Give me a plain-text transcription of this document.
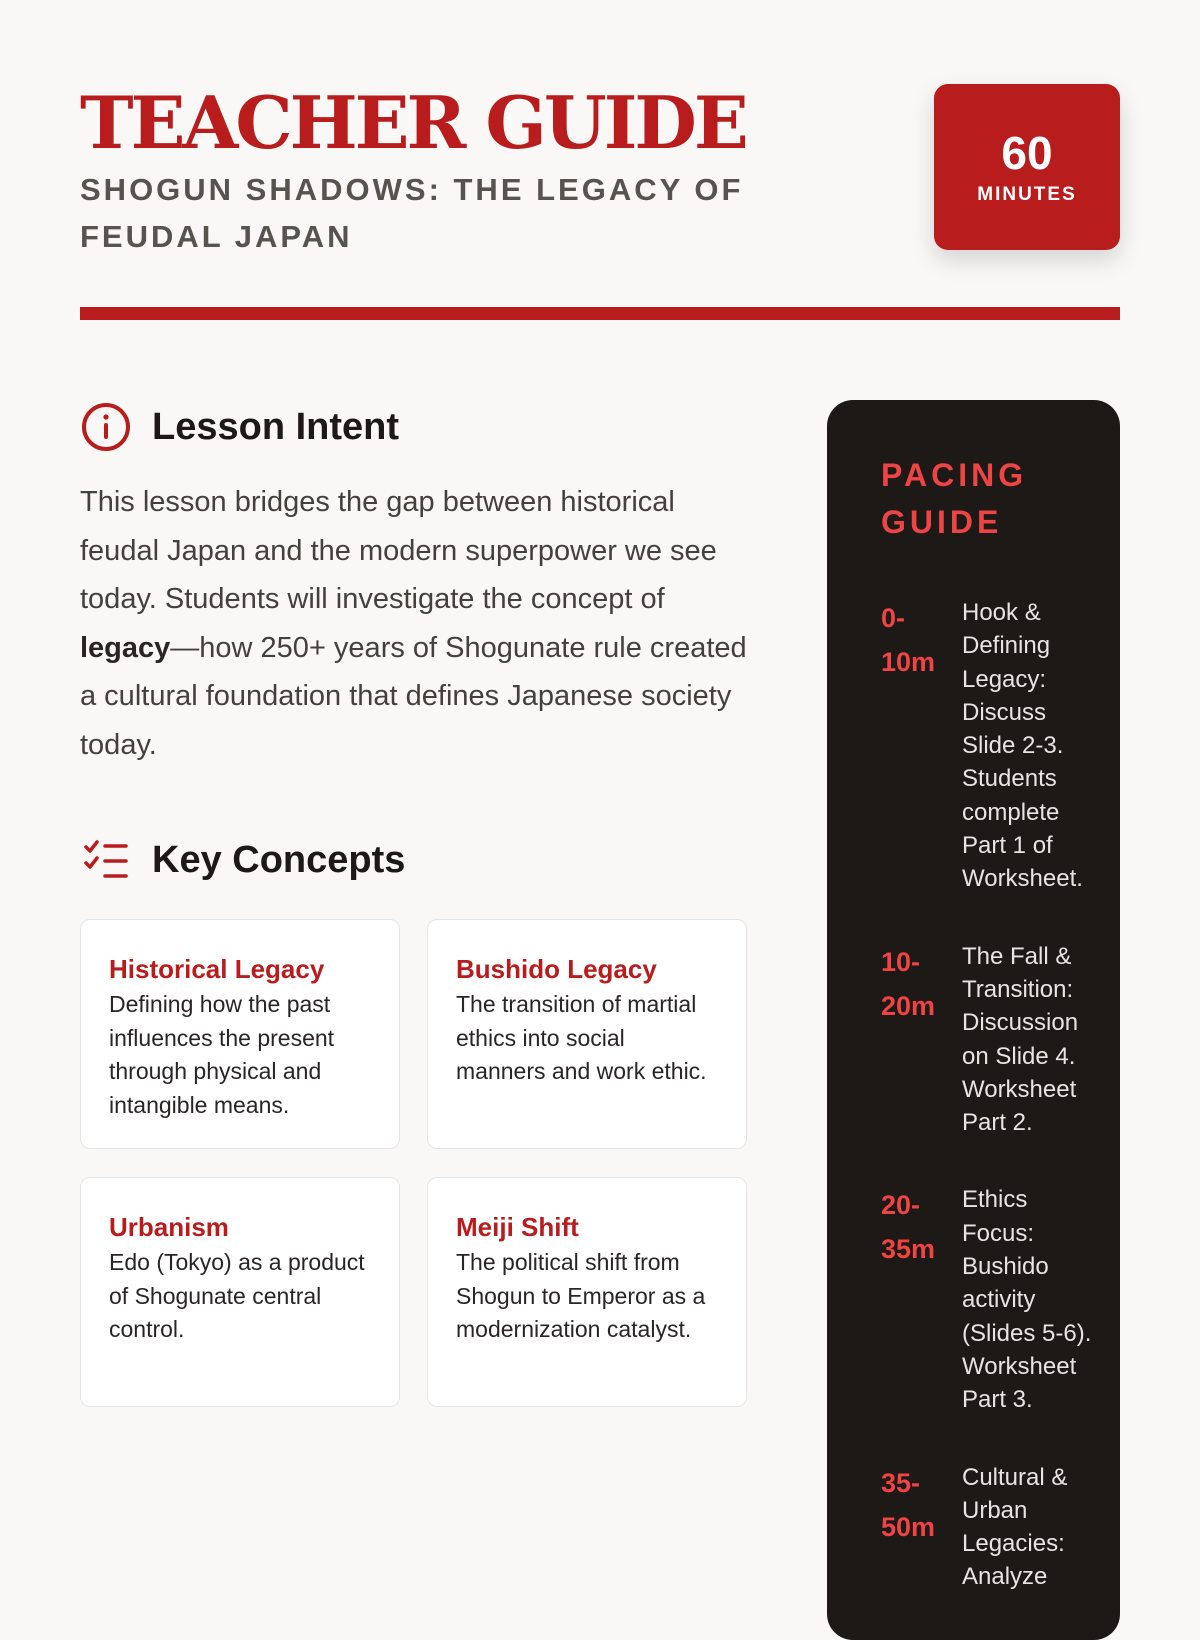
TEACHER GUIDE
SHOGUN SHADOWS: THE LEGACY OF FEUDAL JAPAN
60
MINUTES
Lesson Intent

This lesson bridges the gap between historical feudal Japan and the modern superpower we see today. Students will investigate the concept of legacy—how 250+ years of Shogunate rule created a cultural foundation that defines Japanese society today.

Key Concepts
Historical Legacy
Defining how the past influences the present through physical and intangible means.
Bushido Legacy
The transition of martial ethics into social manners and work ethic.
Urbanism
Edo (Tokyo) as a product of Shogunate central control.
Meiji Shift
The political shift from Shogun to Emperor as a modernization catalyst.
PACING GUIDE
0-10m
Hook & Defining Legacy: Discuss Slide 2-3. Students complete Part 1 of Worksheet.
10-20m
The Fall & Transition: Discussion on Slide 4. Worksheet Part 2.
20-35m
Ethics Focus: Bushido activity (Slides 5-6). Worksheet Part 3.
35-50m
Cultural & Urban Legacies: Analyze
